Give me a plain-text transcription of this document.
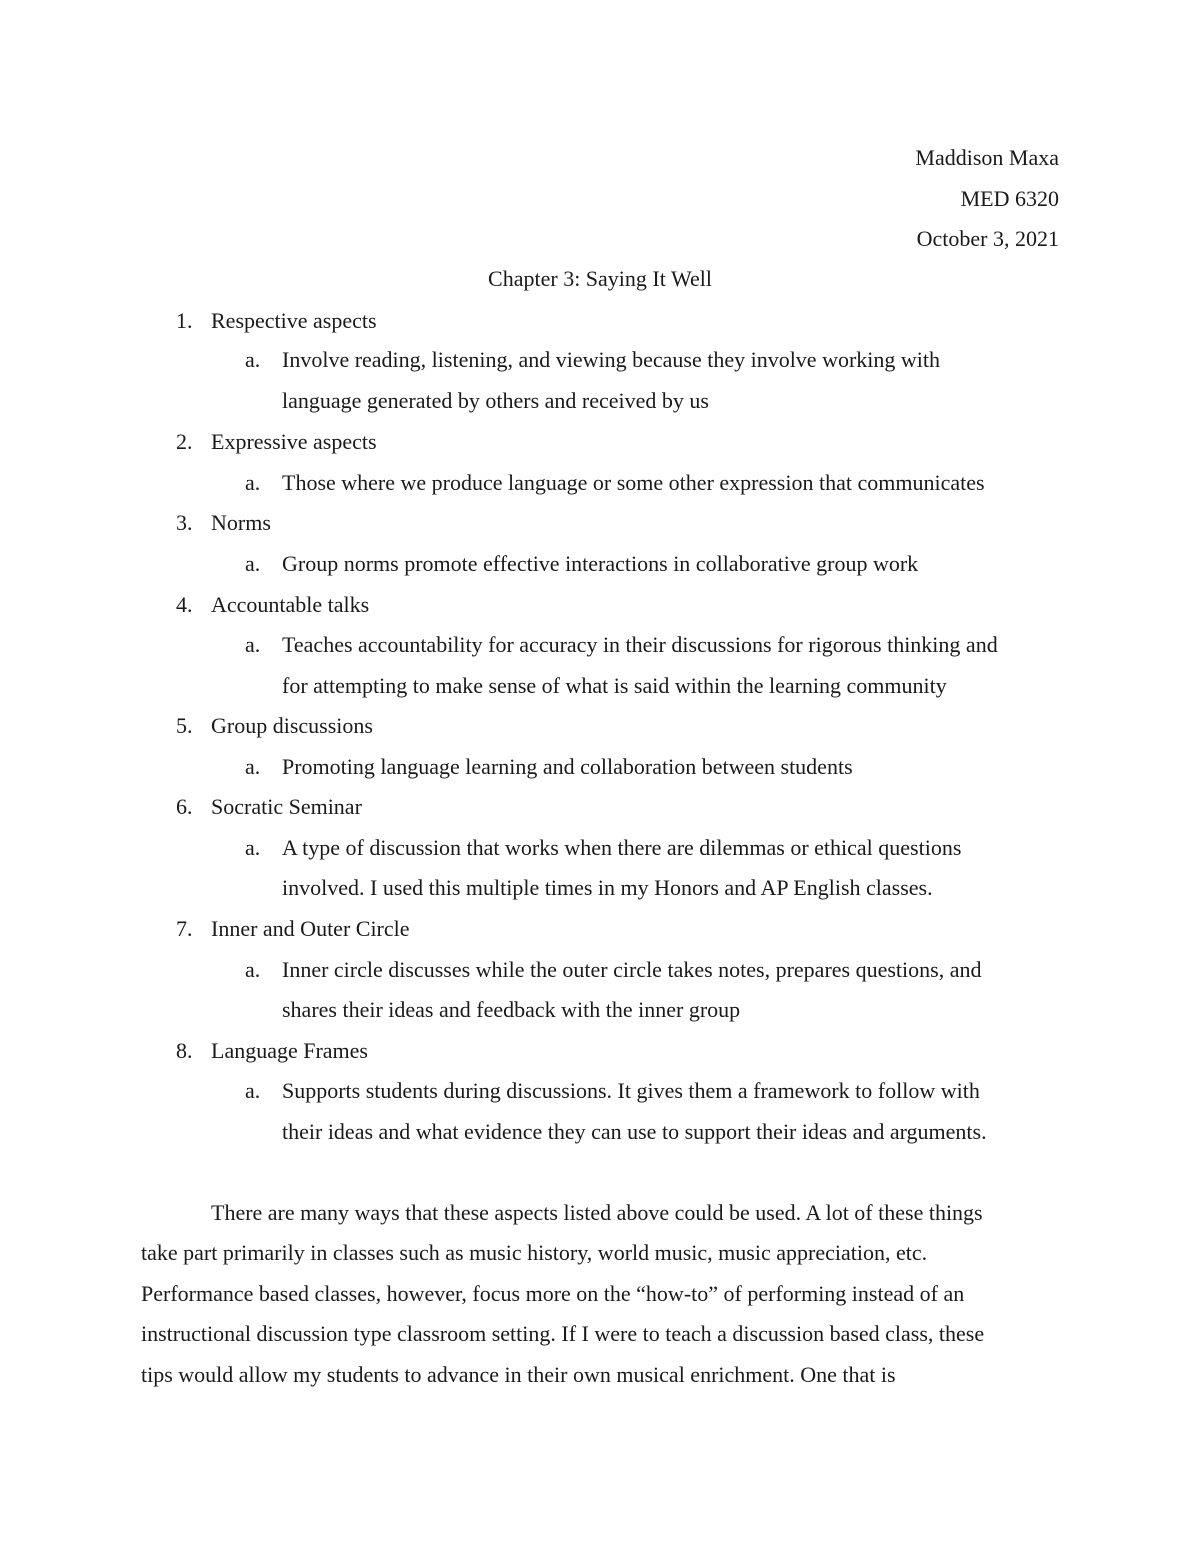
Maddison Maxa
MED 6320
October 3, 2021
Chapter 3: Saying It Well
1. Respective aspects
a. Involve reading, listening, and viewing because they involve working with
language generated by others and received by us
2. Expressive aspects
a. Those where we produce language or some other expression that communicates
3. Norms
a. Group norms promote effective interactions in collaborative group work
4. Accountable talks
a. Teaches accountability for accuracy in their discussions for rigorous thinking and
for attempting to make sense of what is said within the learning community
5. Group discussions
a. Promoting language learning and collaboration between students
6. Socratic Seminar
a. A type of discussion that works when there are dilemmas or ethical questions
involved. I used this multiple times in my Honors and AP English classes.
7. Inner and Outer Circle
a. Inner circle discusses while the outer circle takes notes, prepares questions, and
shares their ideas and feedback with the inner group
8. Language Frames
a. Supports students during discussions. It gives them a framework to follow with
their ideas and what evidence they can use to support their ideas and arguments.
There are many ways that these aspects listed above could be used. A lot of these things
take part primarily in classes such as music history, world music, music appreciation, etc.
Performance based classes, however, focus more on the “how-to” of performing instead of an
instructional discussion type classroom setting. If I were to teach a discussion based class, these
tips would allow my students to advance in their own musical enrichment. One that is
